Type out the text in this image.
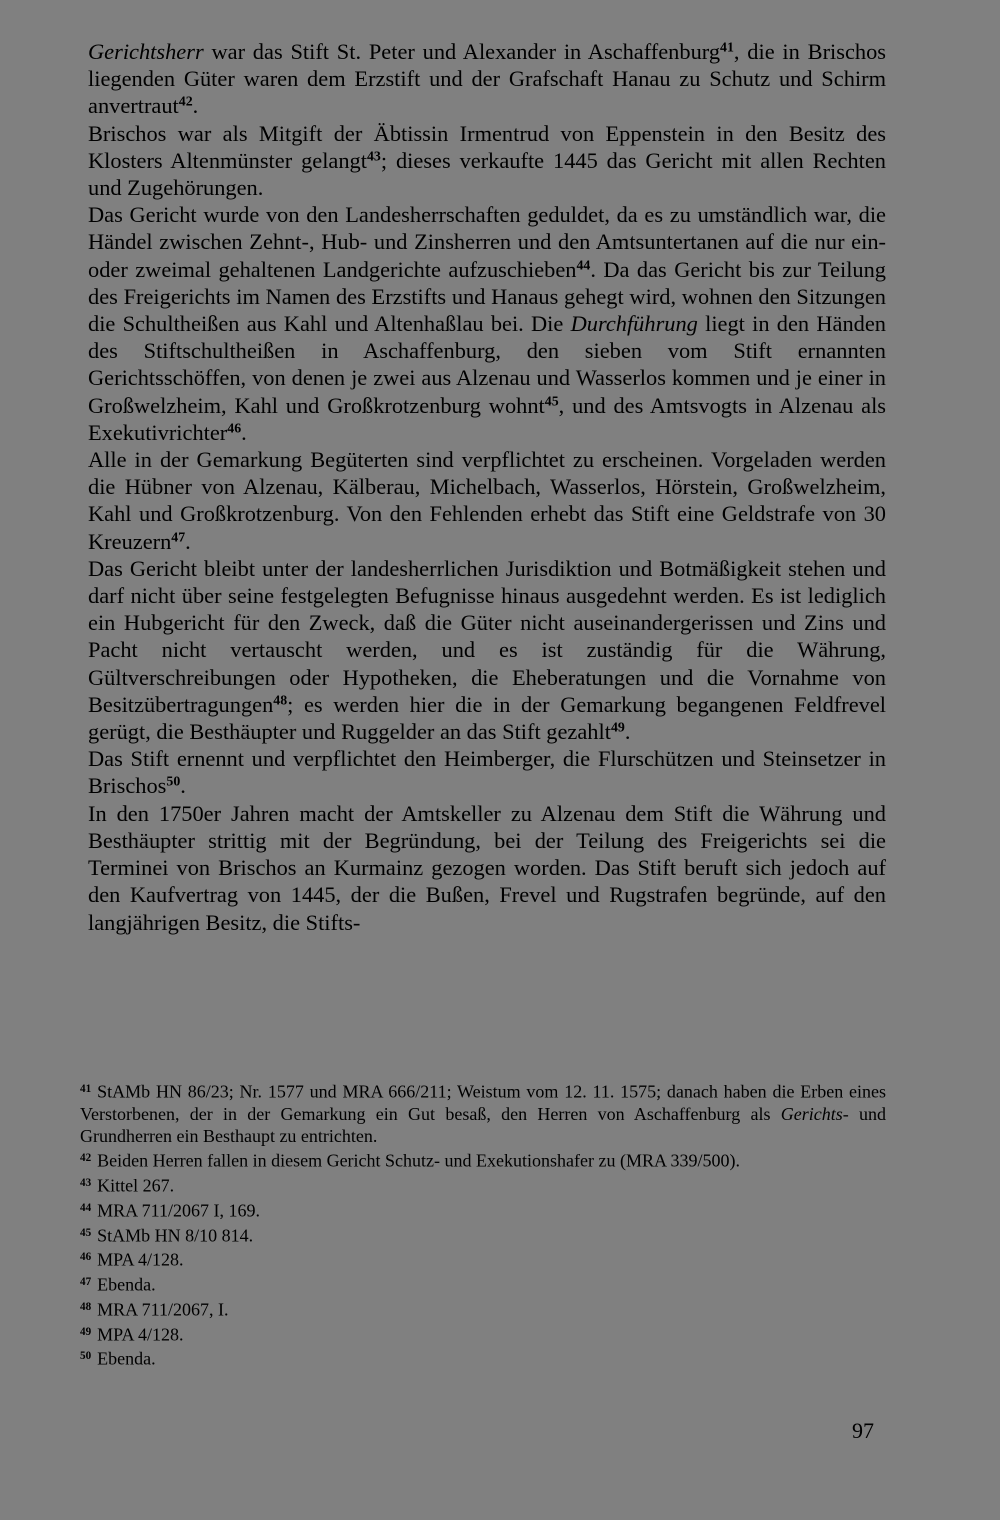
Gerichtsherr war das Stift St. Peter und Alexander in Aschaffenburg$^{41}$, die in Brischos liegenden Güter waren dem Erzstift und der Grafschaft Hanau zu Schutz und Schirm anvertraut$^{42}$.

Brischos war als Mitgift der Äbtissin Irmentrud von Eppenstein in den Besitz des Klosters Altenmünster gelangt$^{43}$; dieses verkaufte 1445 das Gericht mit allen Rechten und Zugehörungen.

Das Gericht wurde von den Landesherrschaften geduldet, da es zu umständlich war, die Händel zwischen Zehnt-, Hub- und Zinsherren und den Amtsuntertanen auf die nur ein- oder zweimal gehaltenen Landgerichte aufzuschieben$^{44}$. Da das Gericht bis zur Teilung des Freigerichts im Namen des Erzstifts und Hanaus gehegt wird, wohnen den Sitzungen die Schultheißen aus Kahl und Altenhaßlau bei. Die Durchführung liegt in den Händen des Stiftschultheißen in Aschaffenburg, den sieben vom Stift ernannten Gerichtsschöffen, von denen je zwei aus Alzenau und Wasserlos kommen und je einer in Großwelzheim, Kahl und Großkrotzenburg wohnt$^{45}$, und des Amtsvogts in Alzenau als Exekutivrichter$^{46}$.

Alle in der Gemarkung Begüterten sind verpflichtet zu erscheinen. Vorgeladen werden die Hübner von Alzenau, Kälberau, Michelbach, Wasserlos, Hörstein, Großwelzheim, Kahl und Großkrotzenburg. Von den Fehlenden erhebt das Stift eine Geldstrafe von 30 Kreuzern$^{47}$.

Das Gericht bleibt unter der landesherrlichen Jurisdiktion und Botmäßigkeit stehen und darf nicht über seine festgelegten Befugnisse hinaus ausgedehnt werden. Es ist lediglich ein Hubgericht für den Zweck, daß die Güter nicht auseinandergerissen und Zins und Pacht nicht vertauscht werden, und es ist zuständig für die Währung, Gültverschreibungen oder Hypotheken, die Eheberatungen und die Vornahme von Besitzübertragungen$^{48}$; es werden hier die in der Gemarkung begangenen Feldfrevel gerügt, die Besthäupter und Ruggelder an das Stift gezahlt$^{49}$.

Das Stift ernennt und verpflichtet den Heimberger, die Flurschützen und Steinsetzer in Brischos$^{50}$.

In den 1750er Jahren macht der Amtskeller zu Alzenau dem Stift die Währung und Besthäupter strittig mit der Begründung, bei der Teilung des Freigerichts sei die Terminei von Brischos an Kurmainz gezogen worden. Das Stift beruft sich jedoch auf den Kaufvertrag von 1445, der die Bußen, Frevel und Rugstrafen begründe, auf den langjährigen Besitz, die Stifts-

$^{41}$ StAMb HN 86/23; Nr. 1577 und MRA 666/211; Weistum vom 12. 11. 1575; danach haben die Erben eines Verstorbenen, der in der Gemarkung ein Gut besaß, den Herren von Aschaffenburg als Gerichts- und Grundherren ein Besthaupt zu entrichten.

$^{42}$ Beiden Herren fallen in diesem Gericht Schutz- und Exekutionshafer zu (MRA 339/500).

$^{43}$ Kittel 267.

$^{44}$ MRA 711/2067 I, 169.

$^{45}$ StAMb HN 8/10 814.

$^{46}$ MPA 4/128.

$^{47}$ Ebenda.

$^{48}$ MRA 711/2067, I.

$^{49}$ MPA 4/128.

$^{50}$ Ebenda.

97
